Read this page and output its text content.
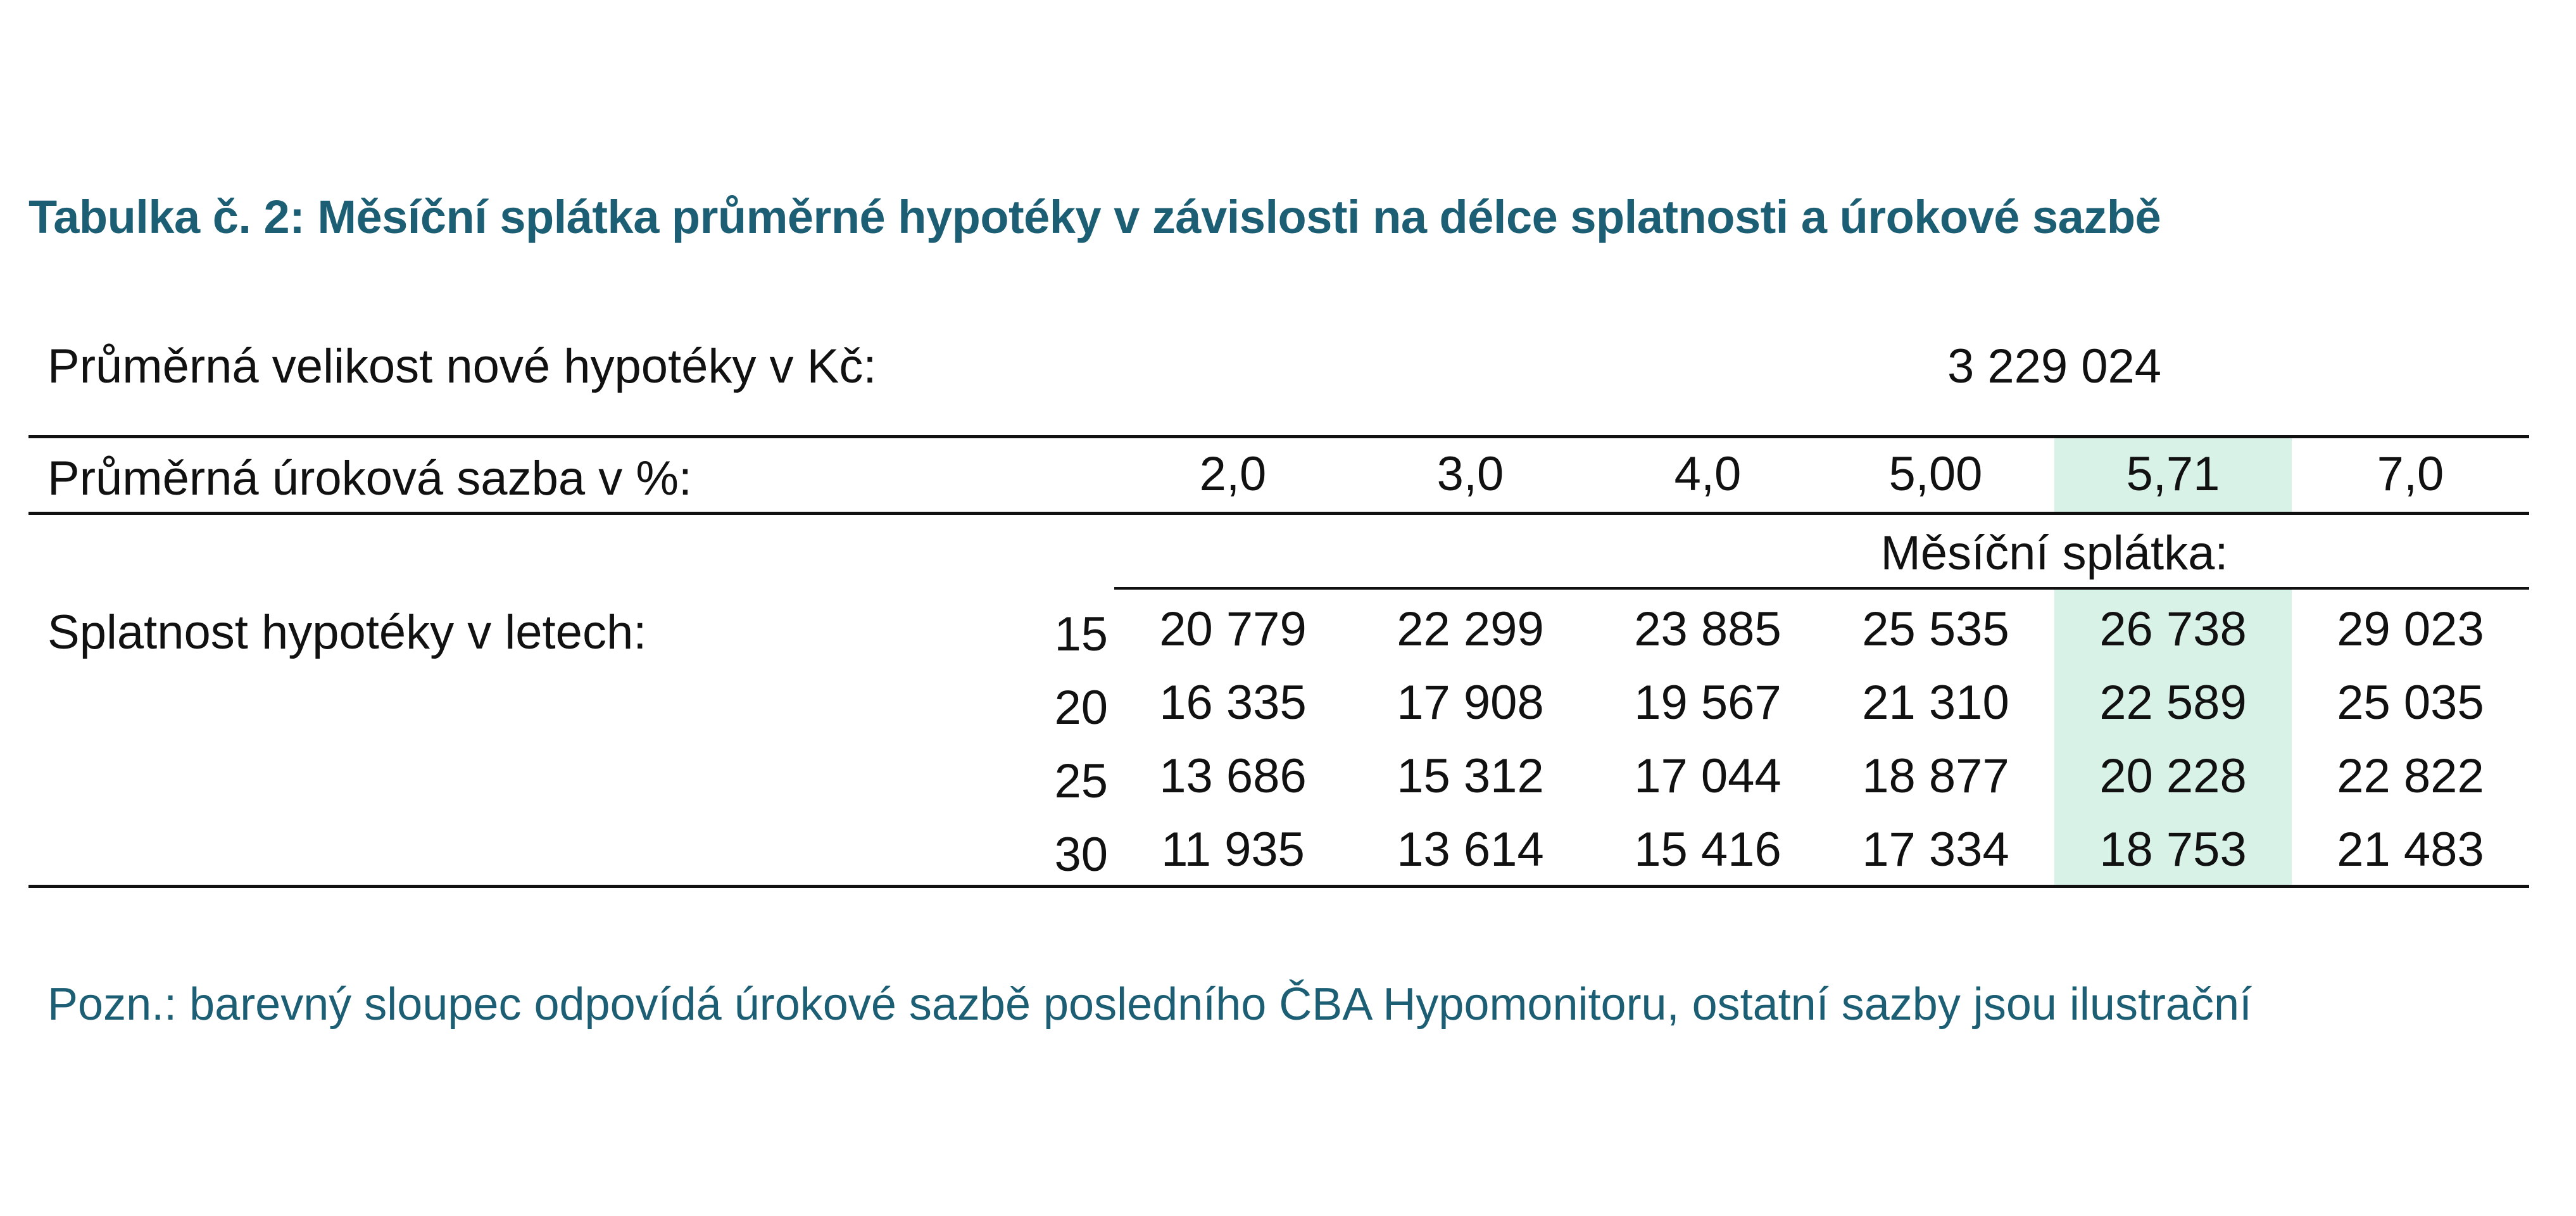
Tabulka č. 2: Měsíční splátka průměrné hypotéky v závislosti na délce splatnosti a úrokové sazbě
Průměrná velikost nové hypotéky v Kč:	3 229 024
Průměrná úroková sazba v %:	2,0	3,0	4,0	5,00	5,71	7,0
Měsíční splátka:
Splatnost hypotéky v letech:	15	20 779	22 299	23 885	25 535	26 738	29 023
20	16 335	17 908	19 567	21 310	22 589	25 035
25	13 686	15 312	17 044	18 877	20 228	22 822
30	11 935	13 614	15 416	17 334	18 753	21 483
Pozn.: barevný sloupec odpovídá úrokové sazbě posledního ČBA Hypomonitoru, ostatní sazby jsou ilustrační
